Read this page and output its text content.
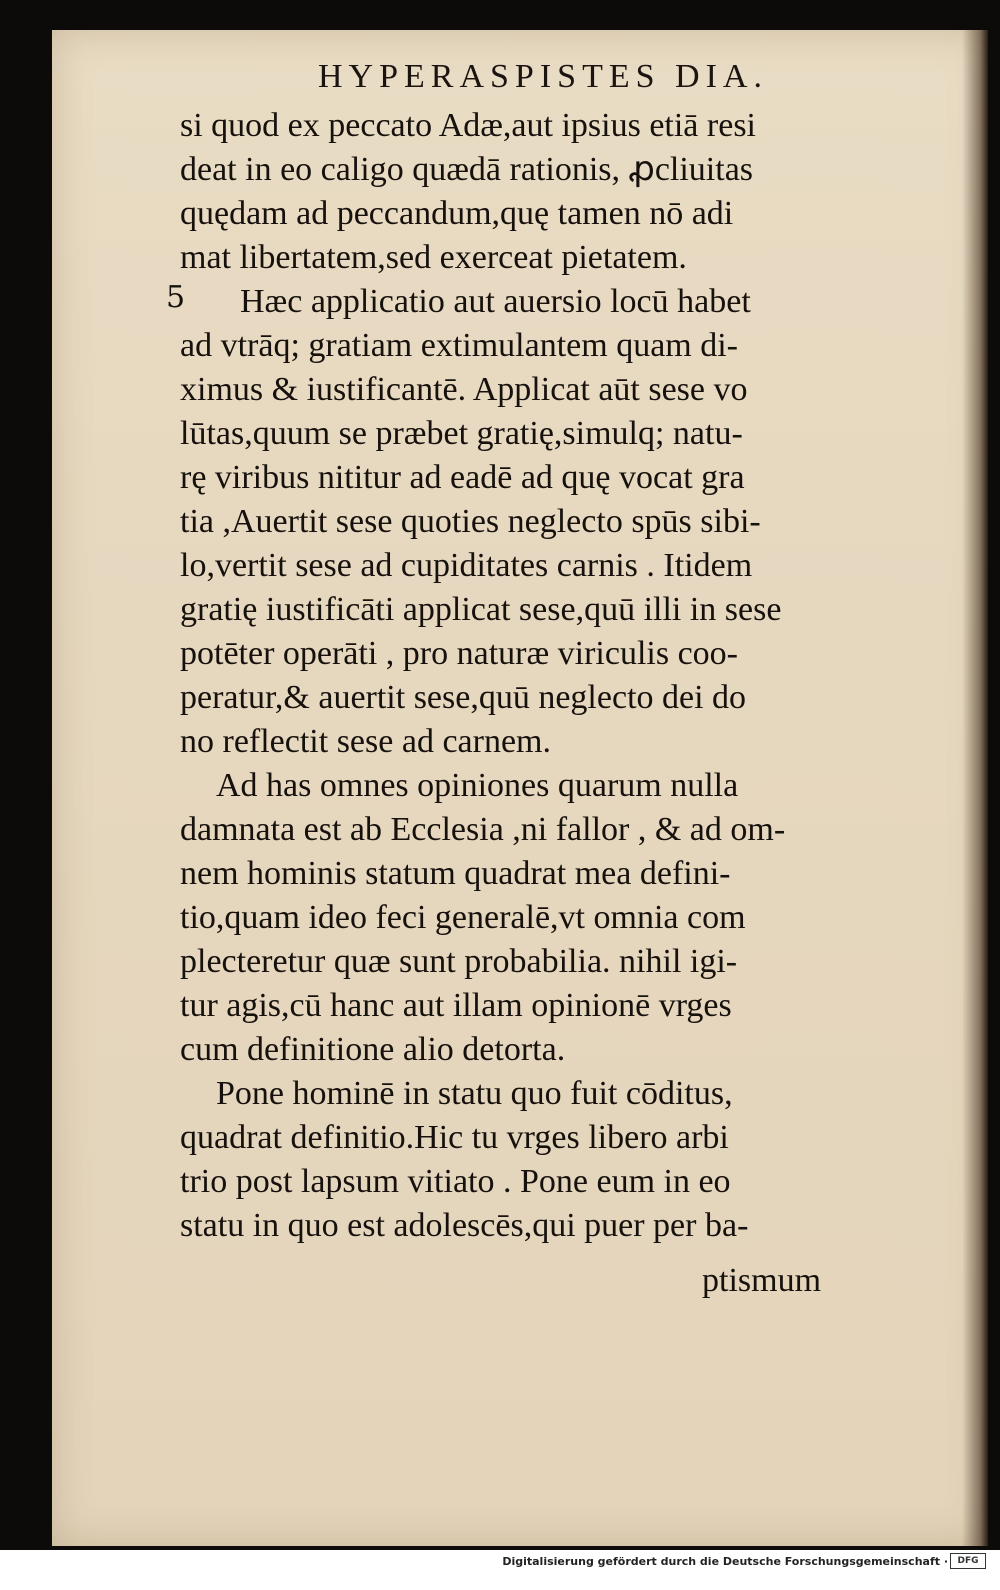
HYPERASPISTES DIA.
si quod ex peccato Adæ,aut ipsius etiā resi
deat in eo caligo quædā rationis, ꝓcliuitas
quędam ad peccandum,quę tamen nō adi
mat libertatem,sed exerceat pietatem.
5	Hæc applicatio aut auersio locū habet
ad vtrāq; gratiam extimulantem quam di-
ximus & iustificantē. Applicat aūt sese vo
lūtas,quum se præbet gratię,simulq; natu-
rę viribus nititur ad eadē ad quę vocat gra
tia ,Auertit sese quoties neglecto spūs sibi-
lo,vertit sese ad cupiditates carnis . Itidem
gratię iustificāti applicat sese,quū illi in sese
potēter operāti , pro naturæ viriculis coo-
peratur,& auertit sese,quū neglecto dei do
no reflectit sese ad carnem.
Ad has omnes opiniones quarum nulla
damnata est ab Ecclesia ,ni fallor , & ad om-
nem hominis statum quadrat mea defini-
tio,quam ideo feci generalē,vt omnia com
plecteretur quæ sunt probabilia. nihil igi-
tur agis,cū hanc aut illam opinionē vrges
cum definitione alio detorta.
Pone hominē in statu quo fuit cōditus,
quadrat definitio.Hic tu vrges libero arbi
trio post lapsum vitiato . Pone eum in eo
statu in quo est adolescēs,qui puer per ba-
ptismum
Digitalisierung gefördert durch die Deutsche Forschungsgemeinschaft ·	DFG
